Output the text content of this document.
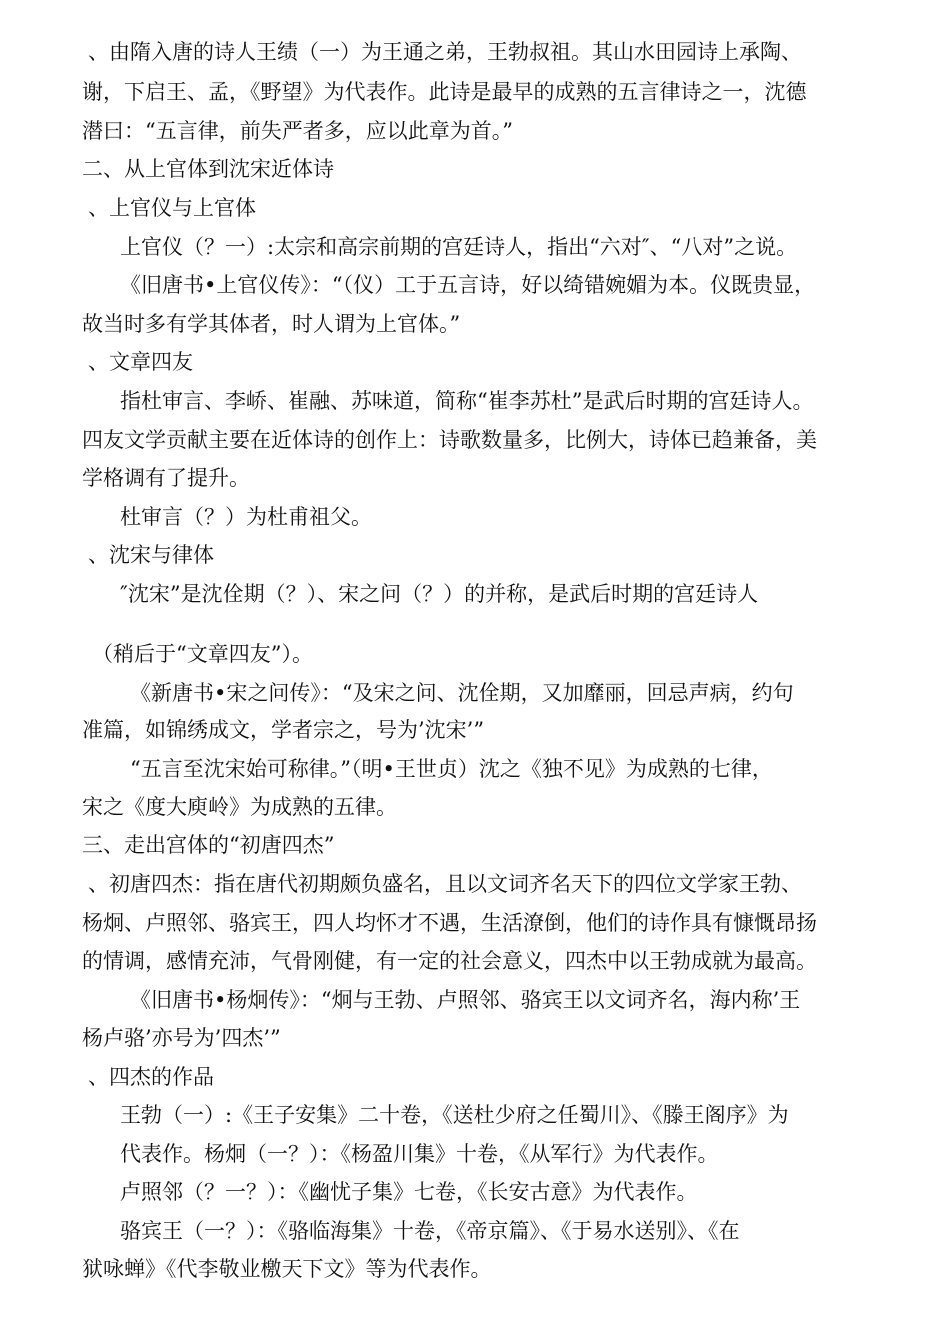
、由隋入唐的诗人王绩（一）为王通之弟，王勃叔祖。其山水田园诗上承陶、

谢，下启王、孟，《野望》为代表作。此诗是最早的成熟的五言律诗之一，沈德

潜曰：“五言律，前失严者多，应以此章为首。”

二、从上官体到沈宋近体诗

、上官仪与上官体

上官仪（？一）:太宗和高宗前期的宫廷诗人，指出“六对″、“八对”之说。

《旧唐书•上官仪传》：“（仪）工于五言诗，好以绮错婉媚为本。仪既贵显，

故当时多有学其体者，时人谓为上官体。”

、文章四友

指杜审言、李峤、崔融、苏味道，简称“崔李苏杜”是武后时期的宫廷诗人。

四友文学贡献主要在近体诗的创作上：诗歌数量多，比例大，诗体已趋兼备，美

学格调有了提升。

杜审言（？）为杜甫祖父。

、沈宋与律体

″沈宋”是沈佺期（？）、宋之问（？）的并称，是武后时期的宫廷诗人

（稍后于“文章四友”）。

《新唐书•宋之问传》：“及宋之问、沈佺期，又加靡丽，回忌声病，约句

准篇，如锦绣成文，学者宗之，号为’沈宋’”

“五言至沈宋始可称律。”（明•王世贞）沈之《独不见》为成熟的七律，

宋之《度大庾岭》为成熟的五律。

三、走出宫体的“初唐四杰”

、初唐四杰：指在唐代初期颇负盛名，且以文词齐名天下的四位文学家王勃、

杨炯、卢照邻、骆宾王，四人均怀才不遇，生活潦倒，他们的诗作具有慷慨昂扬

的情调，感情充沛，气骨刚健，有一定的社会意义，四杰中以王勃成就为最高。

《旧唐书•杨炯传》：“炯与王勃、卢照邻、骆宾王以文词齐名，海内称’王

杨卢骆’亦号为’四杰’”

、四杰的作品

王勃（一）:《王子安集》二十卷，《送杜少府之任蜀川》、《滕王阁序》为

代表作。杨炯（一？）：《杨盈川集》十卷，《从军行》为代表作。

卢照邻（？一？）：《幽忧子集》七卷，《长安古意》为代表作。

骆宾王（一？）：《骆临海集》十卷，《帝京篇》、《于易水送别》、《在

狱咏蝉》《代李敬业檄天下文》等为代表作。
